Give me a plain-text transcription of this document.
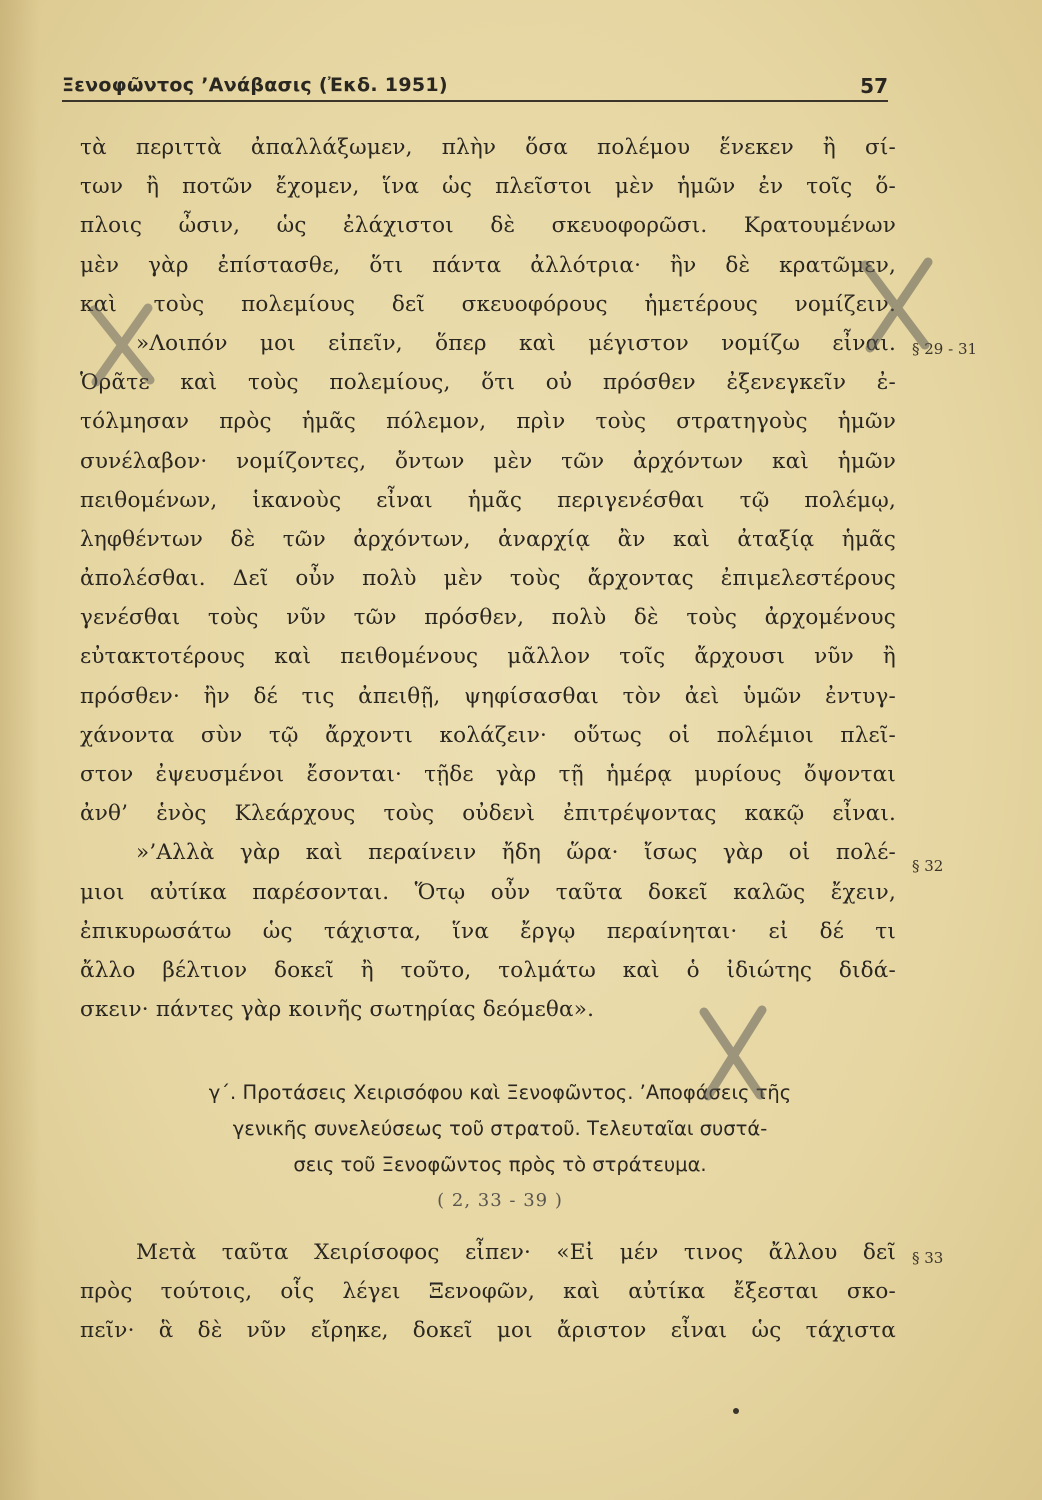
Ξενοφῶντος ’Ανάβασις (Ἐκδ. 1951)	57
τὰ περιττὰ ἀπαλλάξωμεν, πλὴν ὅσα πολέμου ἕνεκεν ἢ σί-
των ἢ ποτῶν ἔχομεν, ἵνα ὡς πλεῖστοι μὲν ἡμῶν ἐν τοῖς ὅ-
πλοις ὦσιν, ὡς ἐλάχιστοι δὲ σκευοφορῶσι. Κρατουμένων
μὲν γὰρ ἐπίστασθε, ὅτι πάντα ἀλλότρια· ἢν δὲ κρατῶμεν,
καὶ τοὺς πολεμίους δεῖ σκευοφόρους ἡμετέρους νομίζειν.
»Λοιπόν μοι εἰπεῖν, ὅπερ καὶ μέγιστον νομίζω εἶναι.
Ὁρᾶτε καὶ τοὺς πολεμίους, ὅτι οὐ πρόσθεν ἐξενεγκεῖν ἐ-
τόλμησαν πρὸς ἡμᾶς πόλεμον, πρὶν τοὺς στρατηγοὺς ἡμῶν
συνέλαβον· νομίζοντες, ὄντων μὲν τῶν ἀρχόντων καὶ ἡμῶν
πειθομένων, ἱκανοὺς εἶναι ἡμᾶς περιγενέσθαι τῷ πολέμῳ,
ληφθέντων δὲ τῶν ἀρχόντων, ἀναρχίᾳ ἂν καὶ ἀταξίᾳ ἡμᾶς
ἀπολέσθαι. Δεῖ οὖν πολὺ μὲν τοὺς ἄρχοντας ἐπιμελεστέρους
γενέσθαι τοὺς νῦν τῶν πρόσθεν, πολὺ δὲ τοὺς ἀρχομένους
εὐτακτοτέρους καὶ πειθομένους μᾶλλον τοῖς ἄρχουσι νῦν ἢ
πρόσθεν· ἢν δέ τις ἀπειθῇ, ψηφίσασθαι τὸν ἀεὶ ὑμῶν ἐντυγ-
χάνοντα σὺν τῷ ἄρχοντι κολάζειν· οὕτως οἱ πολέμιοι πλεῖ-
στον ἐψευσμένοι ἔσονται· τῇδε γὰρ τῇ ἡμέρᾳ μυρίους ὄψονται
ἀνθ’ ἑνὸς Κλεάρχους τοὺς οὐδενὶ ἐπιτρέψοντας κακῷ εἶναι.
»’Αλλὰ γὰρ καὶ περαίνειν ἤδη ὥρα· ἴσως γὰρ οἱ πολέ-
μιοι αὐτίκα παρέσονται. Ὅτῳ οὖν ταῦτα δοκεῖ καλῶς ἔχειν,
ἐπικυρωσάτω ὡς τάχιστα, ἵνα ἔργῳ περαίνηται· εἰ δέ τι
ἄλλο βέλτιον δοκεῖ ἢ τοῦτο, τολμάτω καὶ ὁ ἰδιώτης διδά-
σκειν· πάντες γὰρ κοινῆς σωτηρίας δεόμεθα».
§ 29 - 31
§ 32
§ 33
γ΄. Προτάσεις Χειρισόφου καὶ Ξενοφῶντος. ’Αποφάσεις τῆς
γενικῆς συνελεύσεως τοῦ στρατοῦ. Τελευταῖαι συστά-
σεις τοῦ Ξενοφῶντος πρὸς τὸ στράτευμα.
( 2, 33 - 39 )
Μετὰ ταῦτα Χειρίσοφος εἶπεν· «Εἰ μέν τινος ἄλλου δεῖ
πρὸς τούτοις, οἷς λέγει Ξενοφῶν, καὶ αὐτίκα ἔξεσται σκο-
πεῖν· ἃ δὲ νῦν εἴρηκε, δοκεῖ μοι ἄριστον εἶναι ὡς τάχιστα
